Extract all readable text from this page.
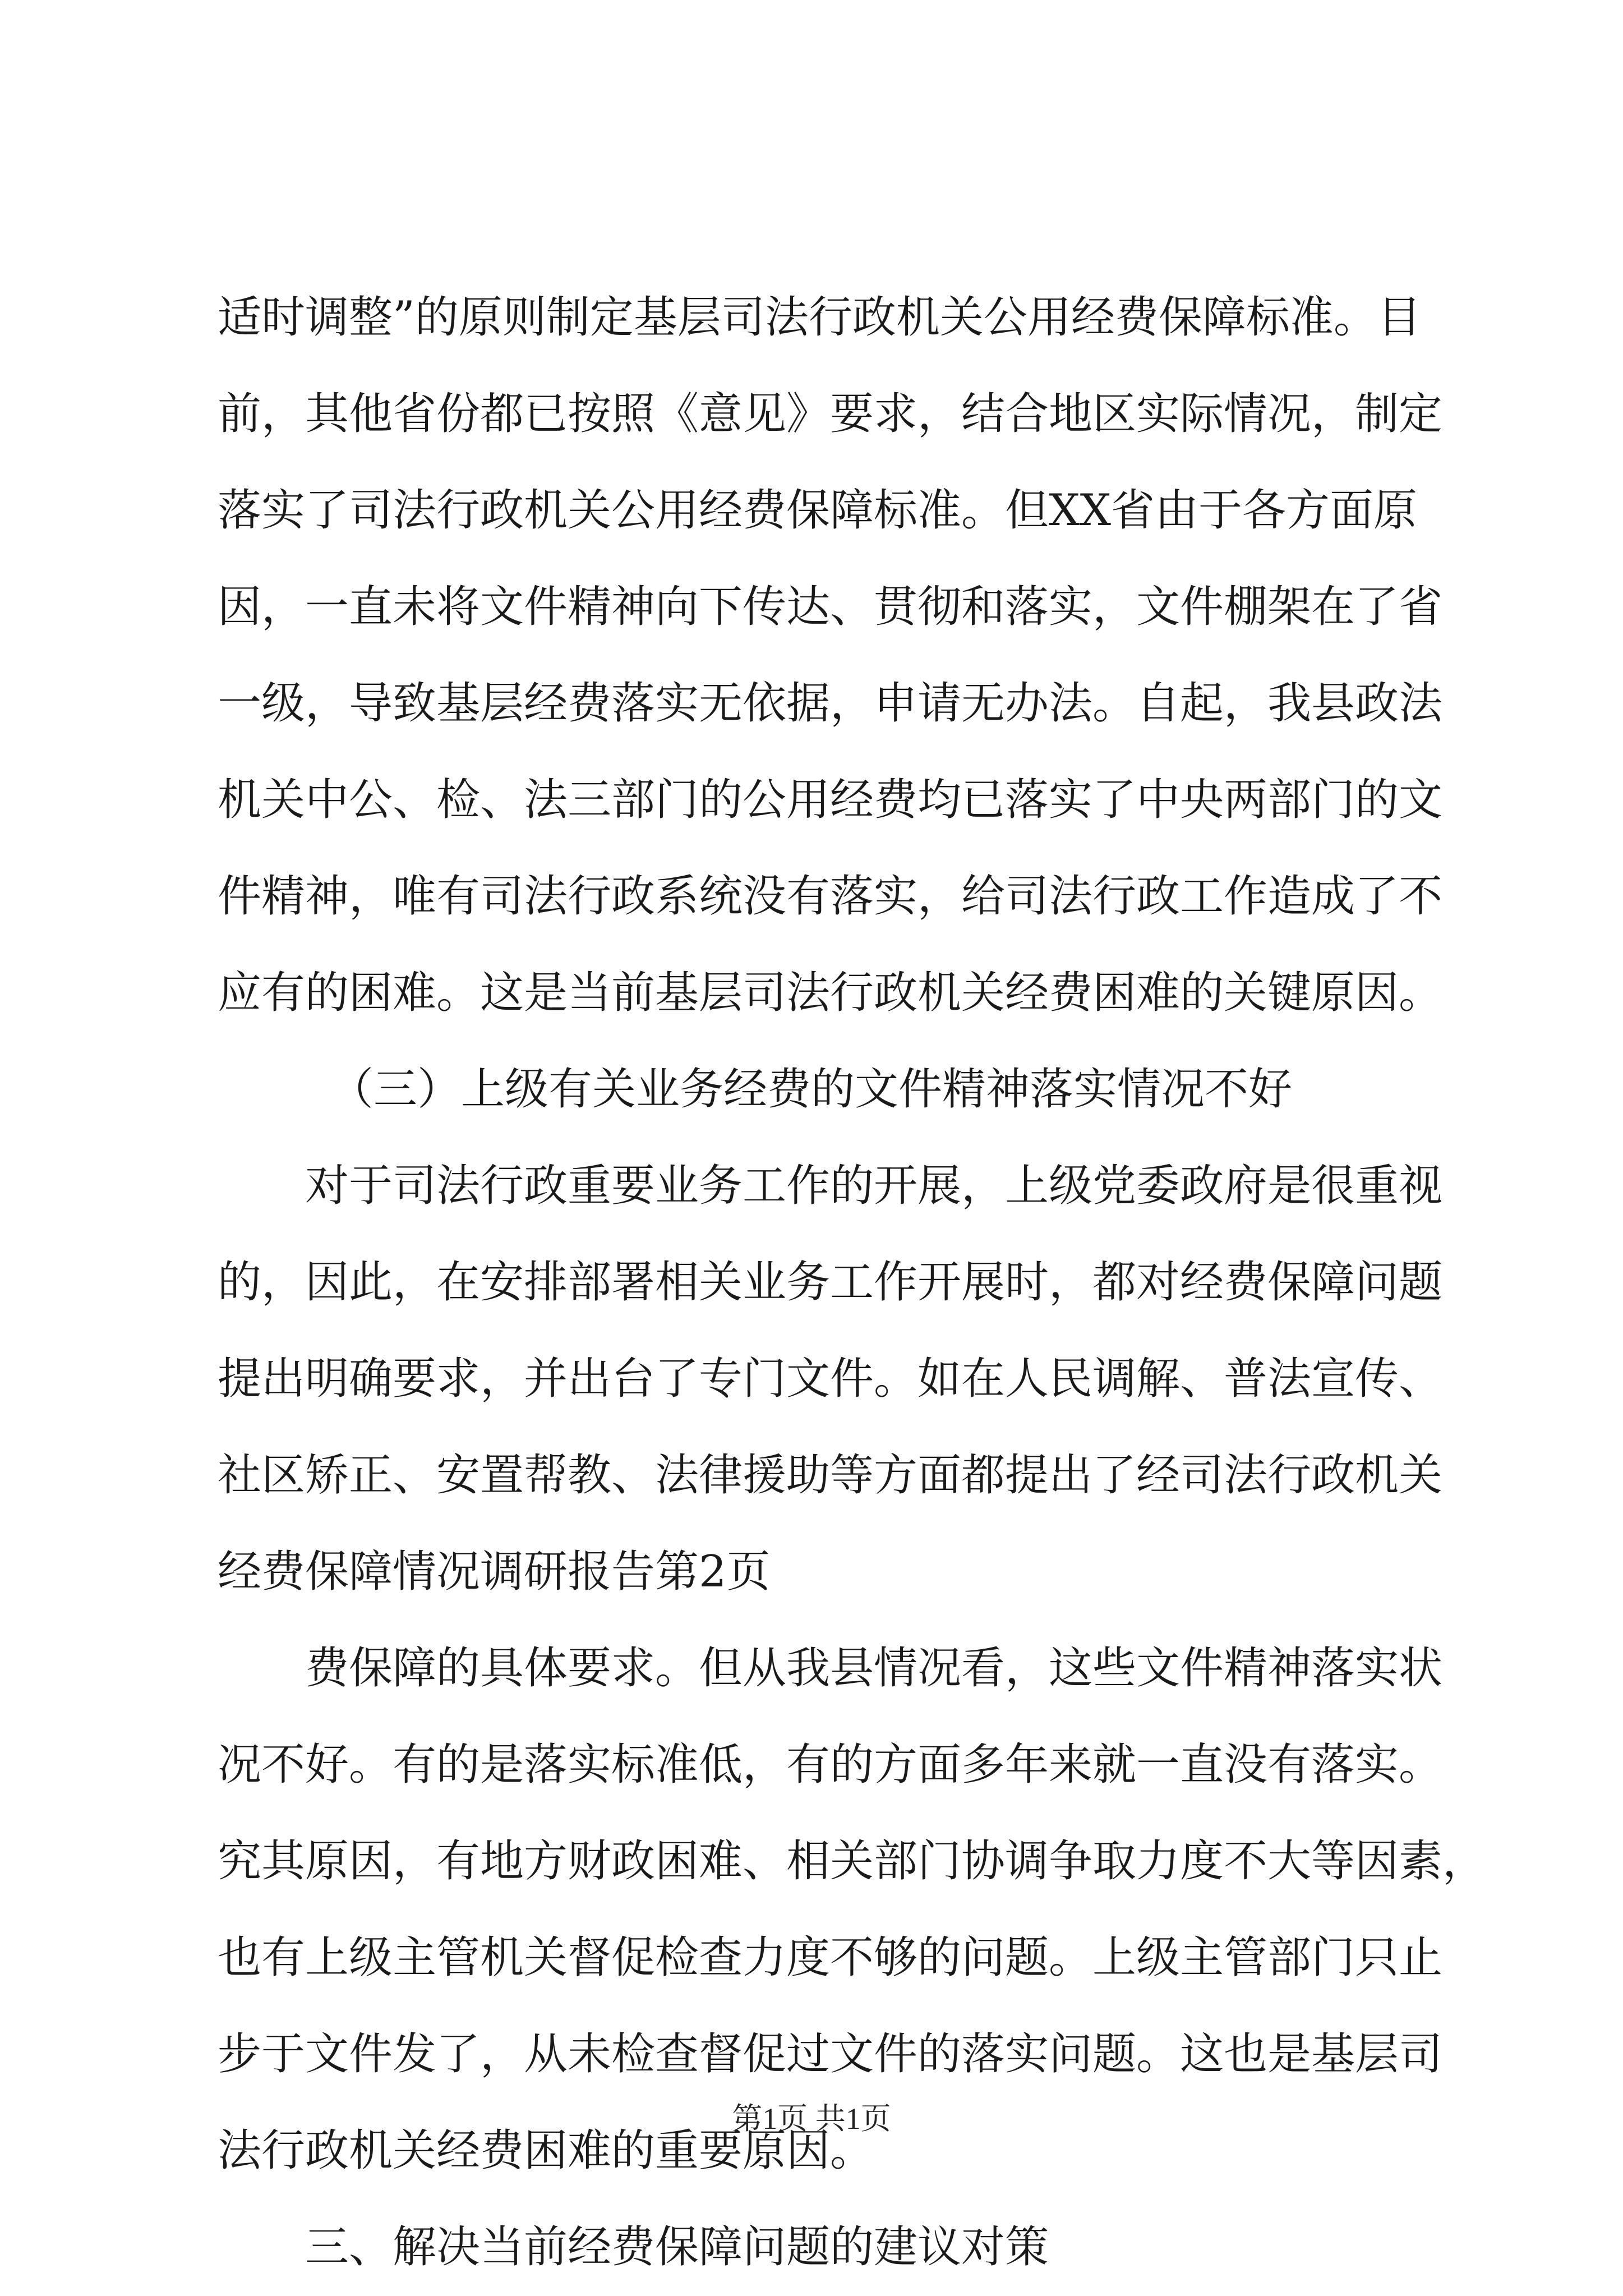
适时调整”的原则制定基层司法行政机关公用经费保障标准。目
前，其他省份都已按照《意见》要求，结合地区实际情况，制定
落实了司法行政机关公用经费保障标准。但XX省由于各方面原
因，一直未将文件精神向下传达、贯彻和落实，文件棚架在了省
一级，导致基层经费落实无依据，申请无办法。自起，我县政法
机关中公、检、法三部门的公用经费均已落实了中央两部门的文
件精神，唯有司法行政系统没有落实，给司法行政工作造成了不
应有的困难。这是当前基层司法行政机关经费困难的关键原因。
（三）上级有关业务经费的文件精神落实情况不好
对于司法行政重要业务工作的开展，上级党委政府是很重视
的，因此，在安排部署相关业务工作开展时，都对经费保障问题
提出明确要求，并出台了专门文件。如在人民调解、普法宣传、
社区矫正、安置帮教、法律援助等方面都提出了经司法行政机关
经费保障情况调研报告第2页
费保障的具体要求。但从我县情况看，这些文件精神落实状
况不好。有的是落实标准低，有的方面多年来就一直没有落实。
究其原因，有地方财政困难、相关部门协调争取力度不大等因素，
也有上级主管机关督促检查力度不够的问题。上级主管部门只止
步于文件发了，从未检查督促过文件的落实问题。这也是基层司
法行政机关经费困难的重要原因。
三、解决当前经费保障问题的建议对策
第1页 共1页
